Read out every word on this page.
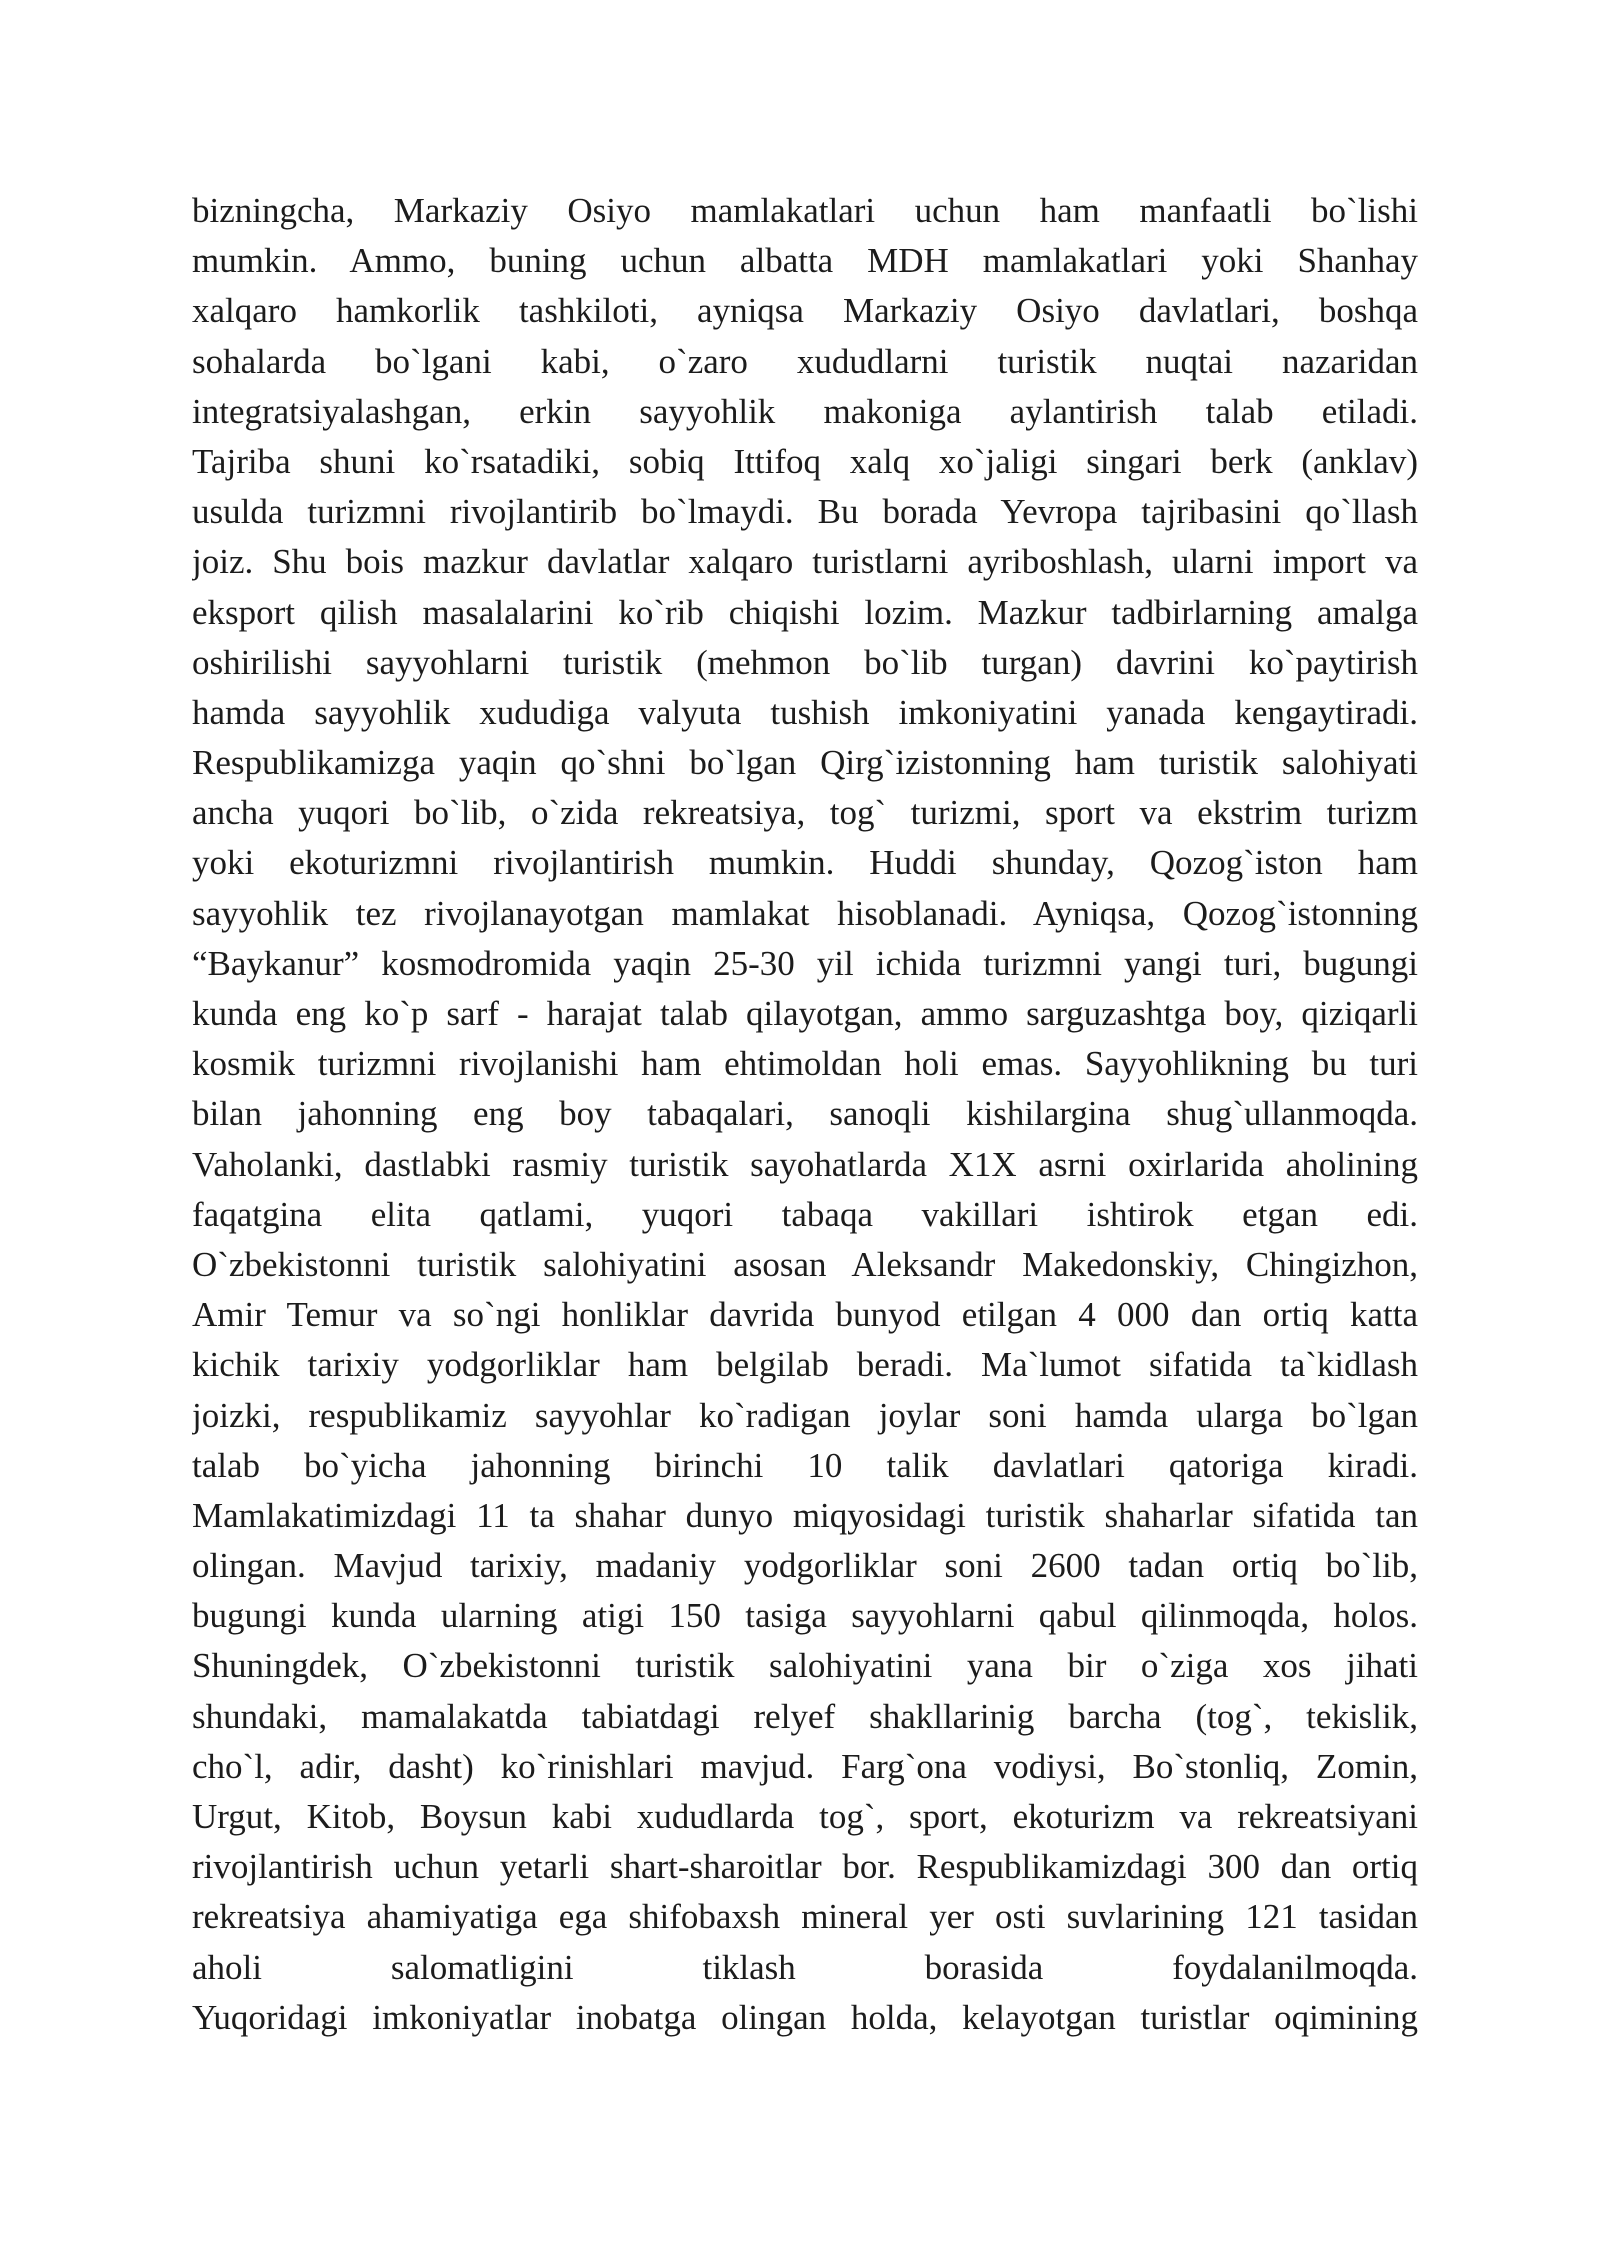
bizningcha, Markaziy Osiyo mamlakatlari uchun ham manfaatli bo`lishi
mumkin. Ammo, buning uchun albatta MDH mamlakatlari yoki Shanhay
xalqaro hamkorlik tashkiloti, ayniqsa Markaziy Osiyo davlatlari, boshqa
sohalarda bo`lgani kabi, o`zaro xududlarni turistik nuqtai nazaridan
integratsiyalashgan, erkin sayyohlik makoniga aylantirish talab etiladi.
Tajriba shuni ko`rsatadiki, sobiq Ittifoq xalq xo`jaligi singari berk (anklav)
usulda turizmni rivojlantirib bo`lmaydi. Bu borada Yevropa tajribasini qo`llash
joiz. Shu bois mazkur davlatlar xalqaro turistlarni ayriboshlash, ularni import va
eksport qilish masalalarini ko`rib chiqishi lozim. Mazkur tadbirlarning amalga
oshirilishi sayyohlarni turistik (mehmon bo`lib turgan) davrini ko`paytirish
hamda sayyohlik xududiga valyuta tushish imkoniyatini yanada kengaytiradi.
Respublikamizga yaqin qo`shni bo`lgan Qirg`izistonning ham turistik salohiyati
ancha yuqori bo`lib, o`zida rekreatsiya, tog` turizmi, sport va ekstrim turizm
yoki ekoturizmni rivojlantirish mumkin. Huddi shunday, Qozog`iston ham
sayyohlik tez rivojlanayotgan mamlakat hisoblanadi. Ayniqsa, Qozog`istonning
“Baykanur” kosmodromida yaqin 25-30 yil ichida turizmni yangi turi, bugungi
kunda eng ko`p sarf - harajat talab qilayotgan, ammo sarguzashtga boy, qiziqarli
kosmik turizmni rivojlanishi ham ehtimoldan holi emas. Sayyohlikning bu turi
bilan jahonning eng boy tabaqalari, sanoqli kishilargina shug`ullanmoqda.
Vaholanki, dastlabki rasmiy turistik sayohatlarda X1X asrni oxirlarida aholining
faqatgina elita qatlami, yuqori tabaqa vakillari ishtirok etgan edi.
O`zbekistonni turistik salohiyatini asosan Aleksandr Makedonskiy, Chingizhon,
Amir Temur va so`ngi honliklar davrida bunyod etilgan 4 000 dan ortiq katta
kichik tarixiy yodgorliklar ham belgilab beradi. Ma`lumot sifatida ta`kidlash
joizki, respublikamiz sayyohlar ko`radigan joylar soni hamda ularga bo`lgan
talab bo`yicha jahonning birinchi 10 talik davlatlari qatoriga kiradi.
Mamlakatimizdagi 11 ta shahar dunyo miqyosidagi turistik shaharlar sifatida tan
olingan. Mavjud tarixiy, madaniy yodgorliklar soni 2600 tadan ortiq bo`lib,
bugungi kunda ularning atigi 150 tasiga sayyohlarni qabul qilinmoqda, holos.
Shuningdek, O`zbekistonni turistik salohiyatini yana bir o`ziga xos jihati
shundaki, mamalakatda tabiatdagi relyef shakllarinig barcha (tog`, tekislik,
cho`l, adir, dasht) ko`rinishlari mavjud. Farg`ona vodiysi, Bo`stonliq, Zomin,
Urgut, Kitob, Boysun kabi xududlarda tog`, sport, ekoturizm va rekreatsiyani
rivojlantirish uchun yetarli shart-sharoitlar bor. Respublikamizdagi 300 dan ortiq
rekreatsiya ahamiyatiga ega shifobaxsh mineral yer osti suvlarining 121 tasidan
aholi salomatligini tiklash borasida foydalanilmoqda.
Yuqoridagi imkoniyatlar inobatga olingan holda, kelayotgan turistlar oqimining
